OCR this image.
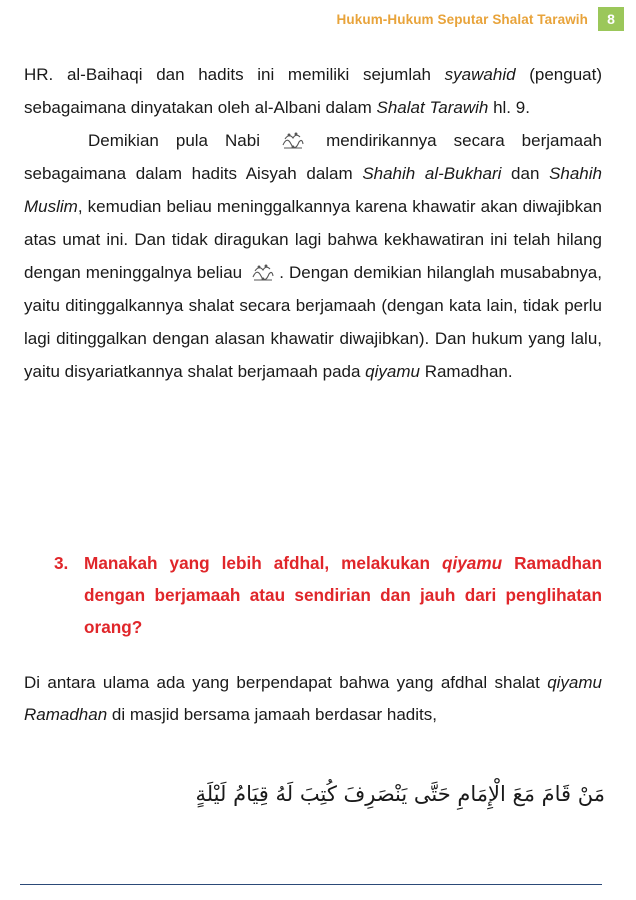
Hukum-Hukum Seputar Shalat Tarawih	8

HR. al-Baihaqi dan hadits ini memiliki sejumlah syawahid (penguat) sebagaimana dinyatakan oleh al-Albani dalam Shalat Tarawih hl. 9.

Demikian pula Nabi	mendirikannya secara berjamaah sebagaimana dalam hadits Aisyah dalam Shahih al-Bukhari dan Shahih Muslim, kemudian beliau meninggalkannya karena khawatir akan diwajibkan atas umat ini. Dan tidak diragukan lagi bahwa kekhawatiran ini telah hilang dengan meninggalnya beliau . Dengan demikian hilanglah musababnya, yaitu ditinggalkannya shalat secara berjamaah (dengan kata lain, tidak perlu lagi ditinggalkan dengan alasan khawatir diwajibkan). Dan hukum yang lalu, yaitu disyariatkannya shalat berjamaah pada qiyamu Ramadhan.

3. Manakah yang lebih afdhal, melakukan qiyamu Ramadhan dengan berjamaah atau sendirian dan jauh dari penglihatan orang?
Di antara ulama ada yang berpendapat bahwa yang afdhal shalat qiyamu Ramadhan di masjid bersama jamaah berdasar hadits,
مَنْ قَامَ مَعَ الْإِمَامِ حَتَّى يَنْصَرِفَ كُتِبَ لَهُ قِيَامُ لَيْلَةٍ
